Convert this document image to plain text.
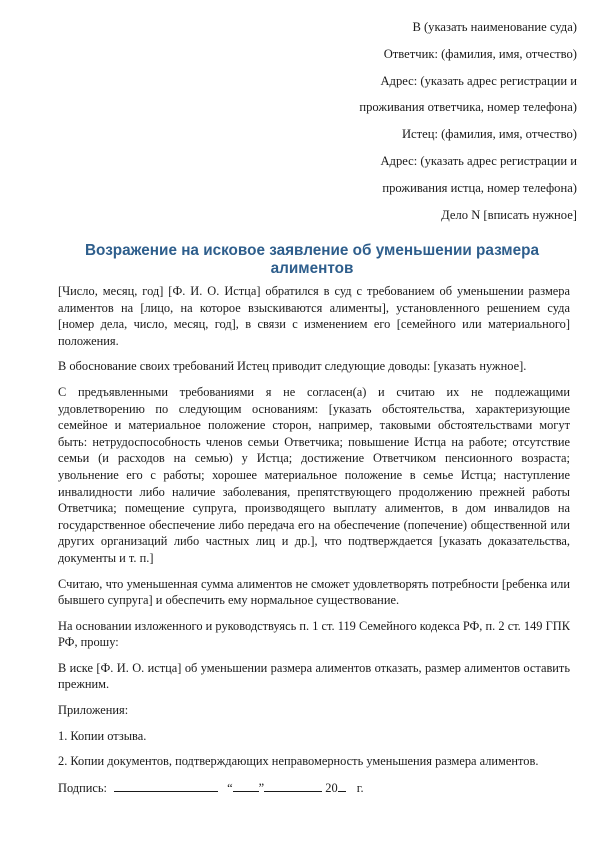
В (указать наименование суда)
Ответчик: (фамилия, имя, отчество)
Адрес: (указать адрес регистрации и
проживания ответчика, номер телефона)
Истец: (фамилия, имя, отчество)
Адрес: (указать адрес регистрации и
проживания истца, номер телефона)
Дело N [вписать нужное]
Возражение на исковое заявление об уменьшении размера алиментов

[Число, месяц, год] [Ф. И. О. Истца] обратился в суд с требованием об уменьшении размера алиментов на [лицо, на которое взыскиваются алименты], установленного решением суда [номер дела, число, месяц, год], в связи с изменением его [семейного или материального] положения.

В обоснование своих требований Истец приводит следующие доводы: [указать нужное].

С предъявленными требованиями я не согласен(а) и считаю их не подлежащими удовлетворению по следующим основаниям: [указать обстоятельства, характеризующие семейное и материальное положение сторон, например, таковыми обстоятельствами могут быть: нетрудоспособность членов семьи Ответчика; повышение Истца на работе; отсутствие семьи (и расходов на семью) у Истца; достижение Ответчиком пенсионного возраста; увольнение его с работы; хорошее материальное положение в семье Истца; наступление инвалидности либо наличие заболевания, препятствующего продолжению прежней работы Ответчика; помещение супруга, производящего выплату алиментов, в дом инвалидов на государственное обеспечение либо передача его на обеспечение (попечение) общественной или других организаций либо частных лиц и др.], что подтверждается [указать доказательства, документы и т. п.]

Считаю, что уменьшенная сумма алиментов не сможет удовлетворять потребности [ребенка или бывшего супруга] и обеспечить ему нормальное существование.

На основании изложенного и руководствуясь п. 1 ст. 119 Семейного кодекса РФ, п. 2 ст. 149 ГПК РФ, прошу:

В иске [Ф. И. О. истца] об уменьшении размера алиментов отказать, размер алиментов оставить прежним.

Приложения:

1. Копии отзыва.

2. Копии документов, подтверждающих неправомерность уменьшения размера алиментов.

Подпись:	“ ”	20 г.
